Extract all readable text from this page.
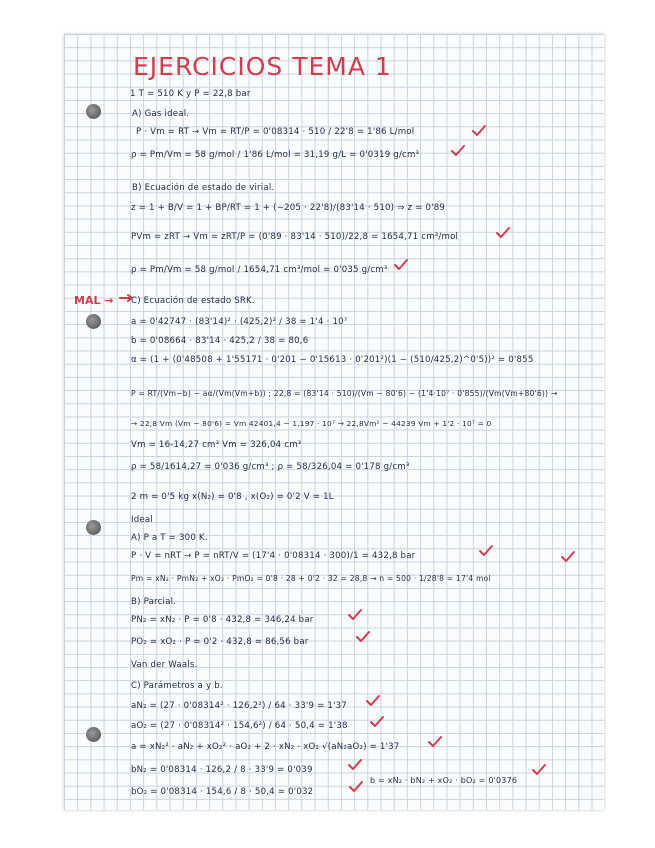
EJERCICIOS TEMA 1
MAL →
1 T = 510 K y P = 22,8 bar
A) Gas ideal.
P · Vm = RT → Vm = RT/P = 0'08314 · 510 / 22'8 = 1'86 L/mol
ρ = Pm/Vm = 58 g/mol / 1'86 L/mol = 31,19 g/L = 0'0319 g/cm³
B) Ecuación de estado de virial.
z = 1 + B/V = 1 + BP/RT = 1 + (−205 · 22'8)/(83'14 · 510) ⇒ z = 0'89
PVm = zRT → Vm = zRT/P = (0'89 · 83'14 · 510)/22,8 = 1654,71 cm³/mol
ρ = Pm/Vm = 58 g/mol / 1654,71 cm³/mol = 0'035 g/cm³
C) Ecuación de estado SRK.
a = 0'42747 · (83'14)² · (425,2)² / 38 = 1'4 · 10⁷
b = 0'08664 · 83'14 · 425,2 / 38 = 80,6
α = (1 + (0'48508 + 1'55171 · 0'201 − 0'15613 · 0'201²)(1 − (510/425,2)^0'5))² = 0'855
P = RT/(Vm−b) − aα/(Vm(Vm+b)) ; 22,8 = (83'14 · 510)/(Vm − 80'6) − (1'4·10⁷ · 0'855)/(Vm(Vm+80'6)) →
→ 22,8 Vm (Vm − 80'6) = Vm 42401,4 − 1,197 · 10⁷ → 22,8Vm² − 44239 Vm + 1'2 · 10⁷ = 0
Vm = 16-14,27 cm³ Vm = 326,04 cm³
ρ = 58/1614,27 = 0'036 g/cm³ ; ρ = 58/326,04 = 0'178 g/cm³
2 m = 0'5 kg x(N₂) = 0'8 , x(O₂) = 0'2 V = 1L
Ideal
A) P a T = 300 K.
P · V = nRT → P = nRT/V = (17'4 · 0'08314 · 300)/1 = 432,8 bar
Pm = xN₂ · PmN₂ + xO₂ · PmO₂ = 0'8 · 28 + 0'2 · 32 = 28,8 → n = 500 · 1/28'8 = 17'4 mol
B) Parcial.
PN₂ = xN₂ · P = 0'8 · 432,8 = 346,24 bar
PO₂ = xO₂ · P = 0'2 · 432,8 = 86,56 bar
Van der Waals.
C) Parámetros a y b.
aN₂ = (27 · 0'08314² · 126,2²) / 64 · 33'9 = 1'37
aO₂ = (27 · 0'08314² · 154,6²) / 64 · 50,4 = 1'38
a = xN₂² · aN₂ + xO₂² · aO₂ + 2 · xN₂ · xO₂ √(aN₂aO₂) = 1'37
bN₂ = 0'08314 · 126,2 / 8 · 33'9 = 0'039
bO₂ = 0'08314 · 154,6 / 8 · 50,4 = 0'032
b = xN₂ · bN₂ + xO₂ · bO₂ = 0'0376
